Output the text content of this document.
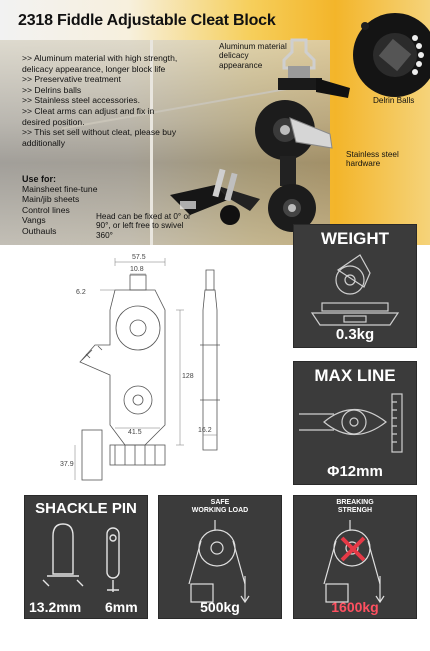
2318 Fiddle Adjustable Cleat Block
>> Aluminum material with high strength,
delicacy appearance, longer block life
>> Preservative treatment
>> Delrins balls
>> Stainless steel accessories.
>> Cleat arms can adjust and fix in
desired position.
>> This set sell without cleat, please buy
additionally
Use for:
Mainsheet fine-tune
Main/jib sheets
Control lines
Vangs
Outhauls
Aluminum material delicacy appearance
Delrin Balls
Stainless steel hardware
Head can be fixed at 0° or 90°, or left free to swivel 360°
57.5
10.8
6.2
128
41.5	16.2
37.9
WEIGHT
0.3kg
MAX LINE
Φ12mm
SHACKLE PIN
13.2mm 6mm
SAFE
WORKING LOAD
500kg
BREAKING
STRENGH
1600kg
